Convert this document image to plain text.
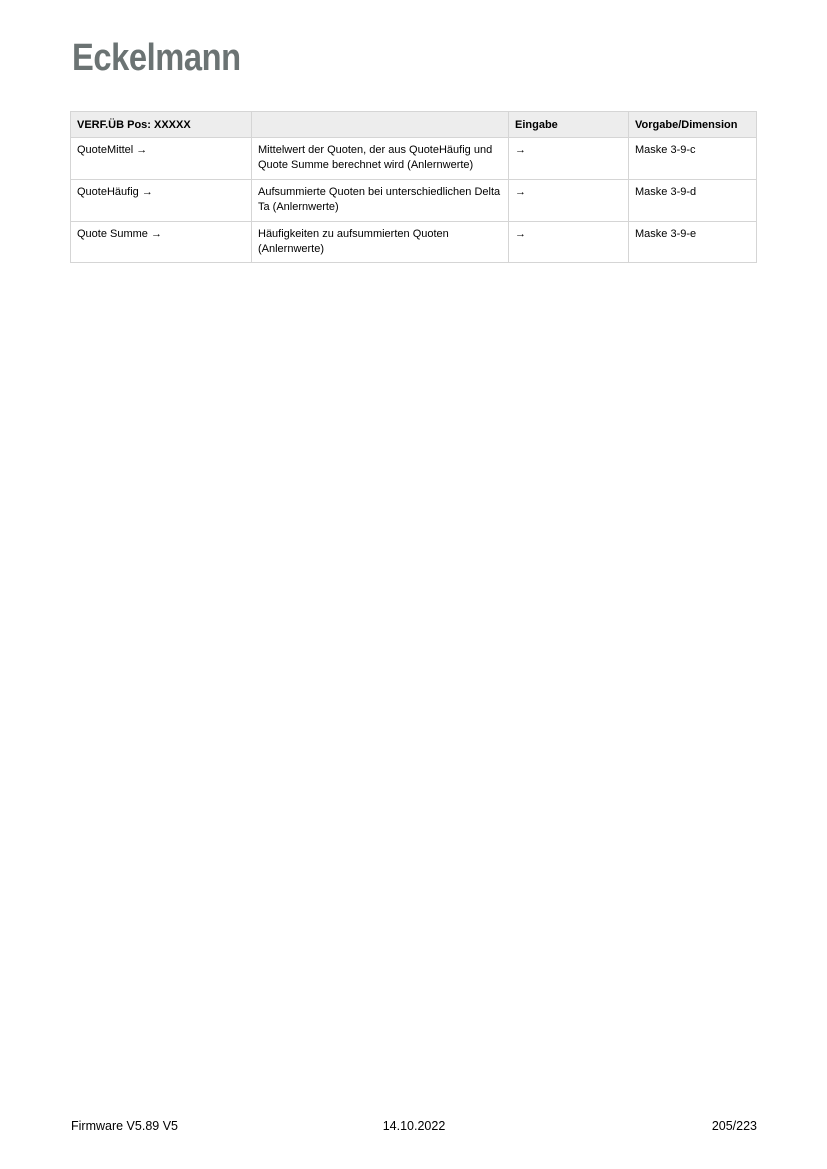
Eckelmann
VERF.ÜB Pos: XXXXX		Eingabe	Vorgabe/Dimension
QuoteMittel →	Mittelwert der Quoten, der aus QuoteHäufig und Quote Summe berechnet wird (Anlernwerte)	→	Maske 3-9-c
QuoteHäufig →	Aufsummierte Quoten bei unterschiedlichen Delta Ta (Anlernwerte)	→	Maske 3-9-d
Quote Summe →	Häufigkeiten zu aufsummierten Quoten (Anlernwerte)	→	Maske 3-9-e
Firmware V5.89 V5	14.10.2022	205/223
